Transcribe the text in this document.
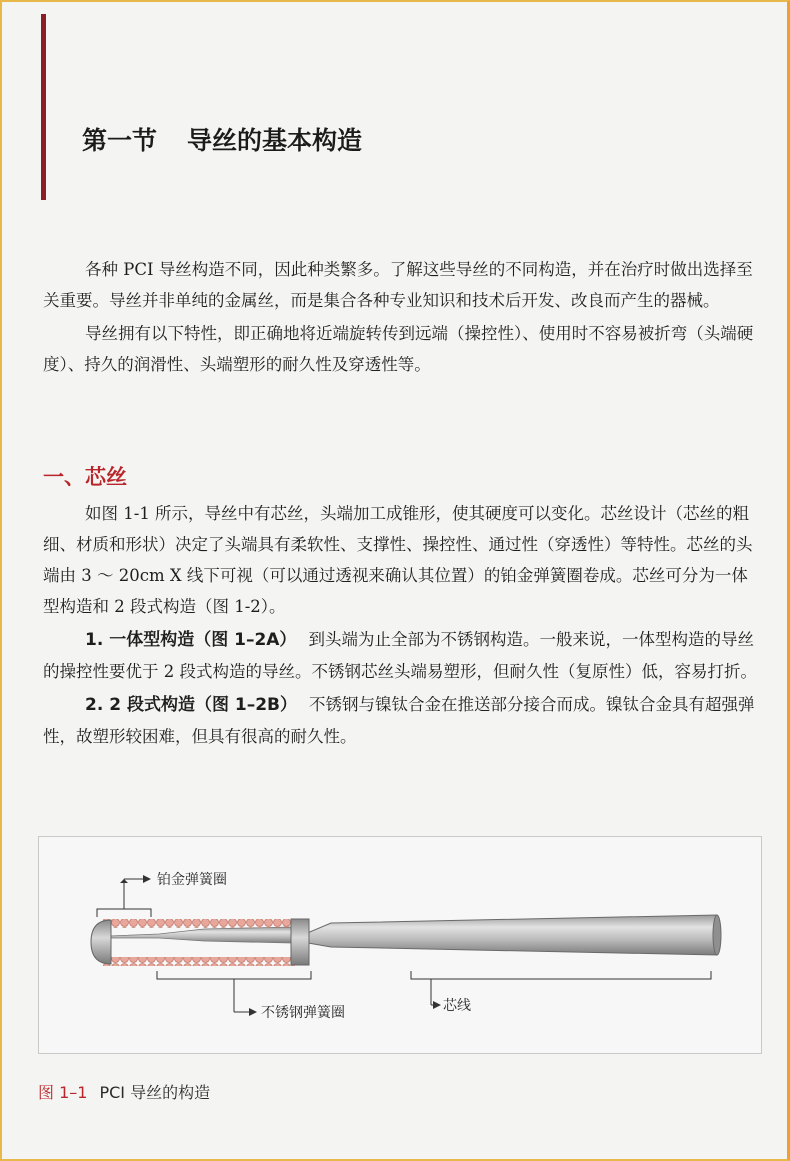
第一节 导丝的基本构造

各种 PCI 导丝构造不同，因此种类繁多。了解这些导丝的不同构造，并在治疗时做出选择至关重要。导丝并非单纯的金属丝，而是集合各种专业知识和技术后开发、改良而产生的器械。

导丝拥有以下特性，即正确地将近端旋转传到远端（操控性）、使用时不容易被折弯（头端硬度）、持久的润滑性、头端塑形的耐久性及穿透性等。

一、芯丝

如图 1-1 所示，导丝中有芯丝，头端加工成锥形，使其硬度可以变化。芯丝设计（芯丝的粗细、材质和形状）决定了头端具有柔软性、支撑性、操控性、通过性（穿透性）等特性。芯丝的头端由 3 ～ 20cm X 线下可视（可以通过透视来确认其位置）的铂金弹簧圈卷成。芯丝可分为一体型构造和 2 段式构造（图 1-2）。

1. 一体型构造（图 1–2A） 到头端为止全部为不锈钢构造。一般来说，一体型构造的导丝的操控性要优于 2 段式构造的导丝。不锈钢芯丝头端易塑形，但耐久性（复原性）低，容易打折。

2. 2 段式构造（图 1–2B） 不锈钢与镍钛合金在推送部分接合而成。镍钛合金具有超强弹性，故塑形较困难，但具有很高的耐久性。

铂金弹簧圈
不锈钢弹簧圈	芯线

图 1–1 PCI 导丝的构造
